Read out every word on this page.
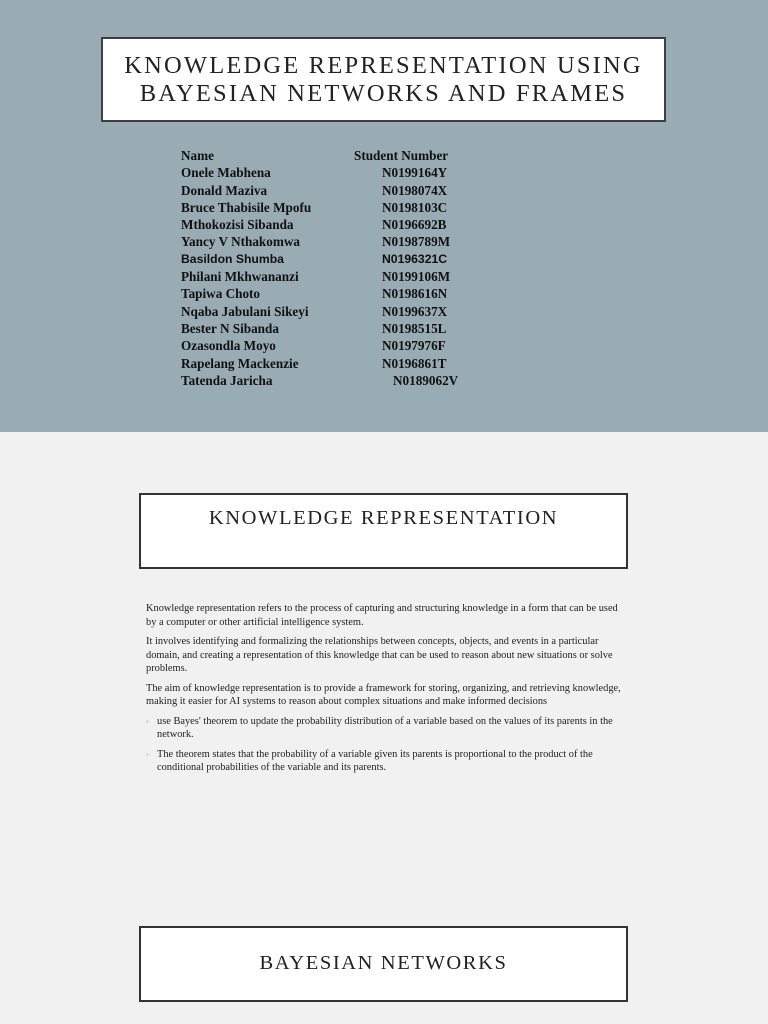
KNOWLEDGE REPRESENTATION USING
BAYESIAN NETWORKS AND FRAMES
Name	Student Number
Onele Mabhena	N0199164Y
Donald Maziva	N0198074X
Bruce Thabisile Mpofu	N0198103C
Mthokozisi Sibanda	N0196692B
Yancy V Nthakomwa	N0198789M
Basildon Shumba	N0196321C
Philani Mkhwananzi	N0199106M
Tapiwa Choto	N0198616N
Nqaba Jabulani Sikeyi	N0199637X
Bester N Sibanda	N0198515L
Ozasondla Moyo	N0197976F
Rapelang Mackenzie	N0196861T
Tatenda Jaricha	N0189062V
KNOWLEDGE REPRESENTATION

Knowledge representation refers to the process of capturing and structuring knowledge in a form that can be used by a computer or other artificial intelligence system.

It involves identifying and formalizing the relationships between concepts, objects, and events in a particular domain, and creating a representation of this knowledge that can be used to reason about new situations or solve problems.

The aim of knowledge representation is to provide a framework for storing, organizing, and retrieving knowledge, making it easier for AI systems to reason about complex situations and make informed decisions

◦ use Bayes' theorem to update the probability distribution of a variable based on the values of its parents in the network.
◦ The theorem states that the probability of a variable given its parents is proportional to the product of the conditional probabilities of the variable and its parents.
BAYESIAN NETWORKS
